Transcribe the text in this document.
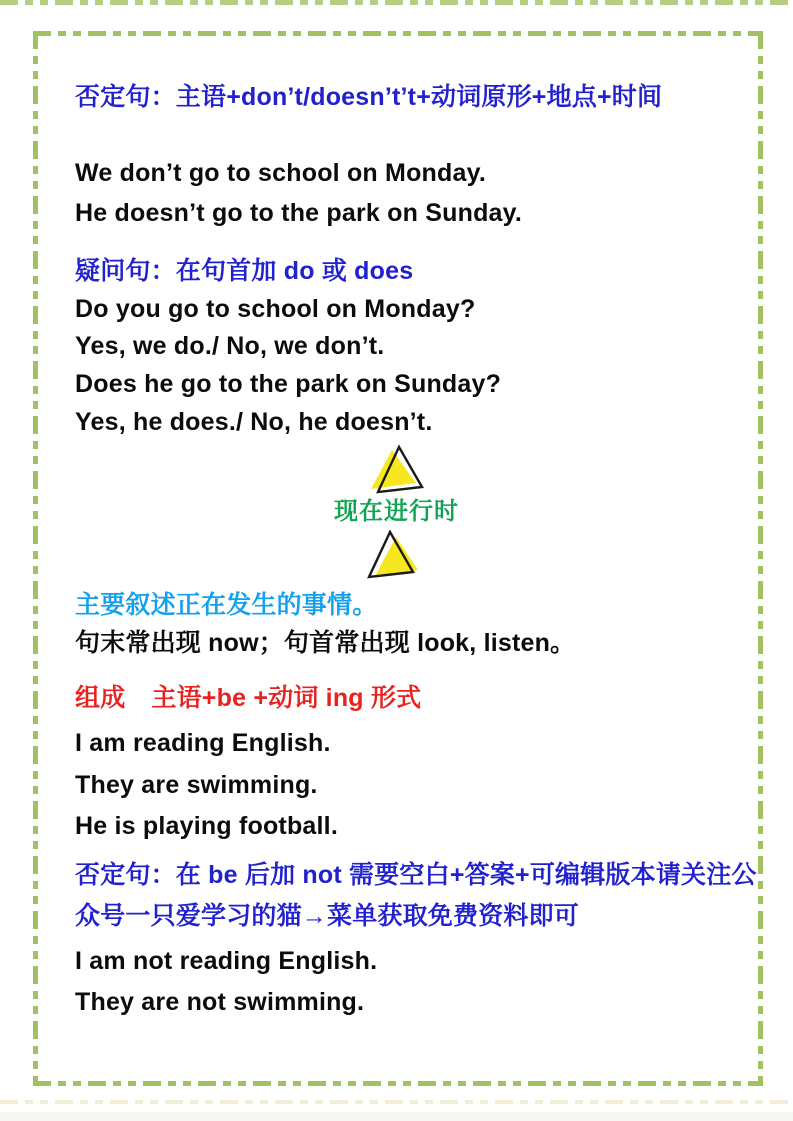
否定句：主语+don’t/doesn’t’t+动词原形+地点+时间
We don’t go to school on Monday.
He doesn’t go to the park on Sunday.
疑问句：在句首加 do 或 does
Do you go to school on Monday?
Yes, we do./ No, we don’t.
Does he go to the park on Sunday?
Yes, he does./ No, he doesn’t.
现在进行时
主要叙述正在发生的事情。
句末常出现 now；句首常出现 look, listen。
组成 主语+be +动词 ing 形式
I am reading English.
They are swimming.
He is playing football.
否定句：在 be 后加 not 需要空白+答案+可编辑版本请关注公
众号一只爱学习的猫→菜单获取免费资料即可
I am not reading English.
They are not swimming.
